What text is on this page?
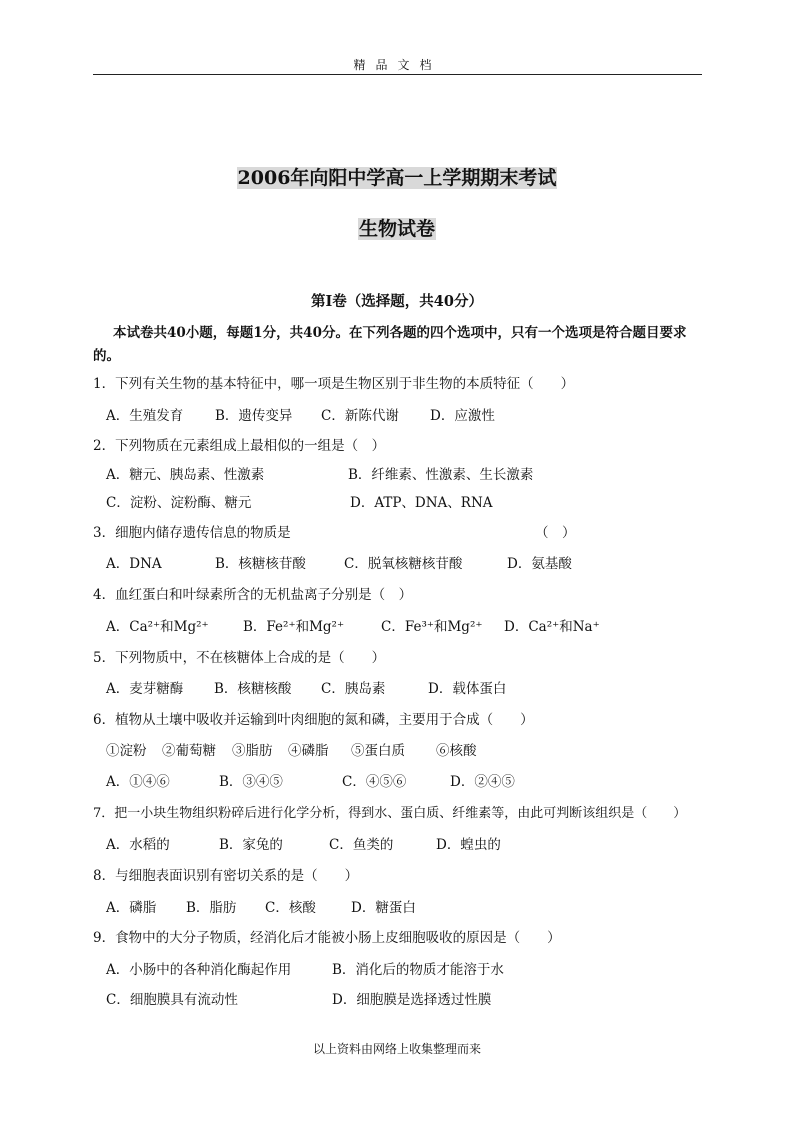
精品文档
2006年向阳中学高一上学期期末考试
生物试卷
第Ⅰ卷（选择题，共40分）
本试卷共40小题，每题1分，共40分。在下列各题的四个选项中，只有一个选项是符合题目要求的。
1．下列有关生物的基本特征中，哪一项是生物区别于非生物的本质特征（　　）
A．生殖发育 B．遗传变异 C．新陈代谢 D．应激性
2．下列物质在元素组成上最相似的一组是（　）
A．糖元、胰岛素、性激素	B．纤维素、性激素、生长激素
C．淀粉、淀粉酶、糖元	D．ATP、DNA、RNA
3．细胞内储存遗传信息的物质是	（　）
A．DNA	B．核糖核苷酸	C．脱氧核糖核苷酸	D．氨基酸
4．血红蛋白和叶绿素所含的无机盐离子分别是（　）
A．Ca²⁺和Mg²⁺	B．Fe²⁺和Mg²⁺	C．Fe³⁺和Mg²⁺ D．Ca²⁺和Na⁺
5．下列物质中，不在核糖体上合成的是（　　）
A．麦芽糖酶 B．核糖核酸 C．胰岛素	D．载体蛋白
6．植物从土壤中吸收并运输到叶肉细胞的氮和磷，主要用于合成（　　）
①淀粉 ②葡萄糖 ③脂肪 ④磷脂 ⑤蛋白质 ⑥核酸
A．①④⑥	B．③④⑤	C．④⑤⑥	D．②④⑤
7．把一小块生物组织粉碎后进行化学分析，得到水、蛋白质、纤维素等，由此可判断该组织是（　　）
A．水稻的	B．家兔的	C．鱼类的	D．蝗虫的
8．与细胞表面识别有密切关系的是（　　）
A．磷脂 B．脂肪 C．核酸	D．糖蛋白
9．食物中的大分子物质，经消化后才能被小肠上皮细胞吸收的原因是（　　）
A．小肠中的各种消化酶起作用	B．消化后的物质才能溶于水
C．细胞膜具有流动性	D．细胞膜是选择透过性膜
以上资料由网络上收集整理而来
